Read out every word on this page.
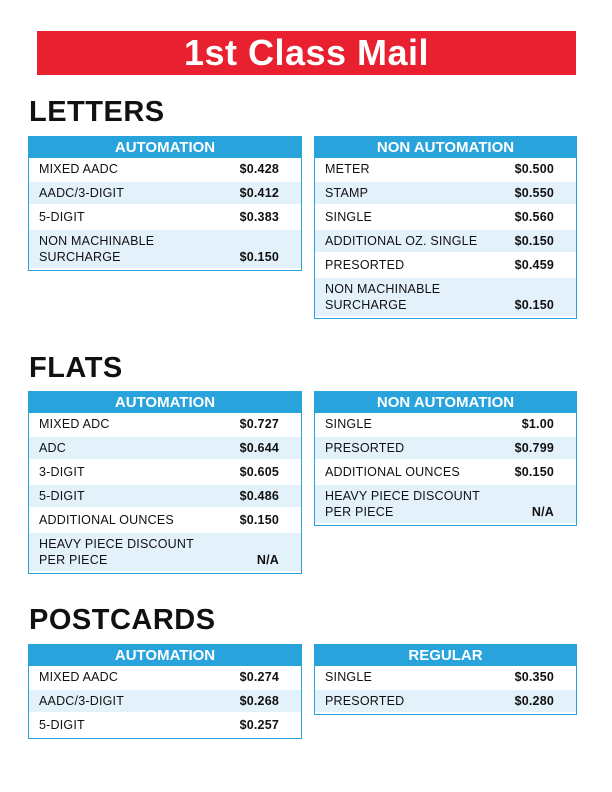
1st Class Mail
LETTERS
AUTOMATION
MIXED AADC	$0.428
AADC/3-DIGIT	$0.412
5-DIGIT	$0.383
NON MACHINABLE
SURCHARGE	$0.150
NON AUTOMATION
METER	$0.500
STAMP	$0.550
SINGLE	$0.560
ADDITIONAL OZ. SINGLE	$0.150
PRESORTED	$0.459
NON MACHINABLE
SURCHARGE	$0.150
FLATS
AUTOMATION
MIXED ADC	$0.727
ADC	$0.644
3-DIGIT	$0.605
5-DIGIT	$0.486
ADDITIONAL OUNCES	$0.150
HEAVY PIECE DISCOUNT
PER PIECE	N/A
NON AUTOMATION
SINGLE	$1.00
PRESORTED	$0.799
ADDITIONAL OUNCES	$0.150
HEAVY PIECE DISCOUNT
PER PIECE	N/A
POSTCARDS
AUTOMATION
MIXED AADC	$0.274
AADC/3-DIGIT	$0.268
5-DIGIT	$0.257
REGULAR
SINGLE	$0.350
PRESORTED	$0.280
